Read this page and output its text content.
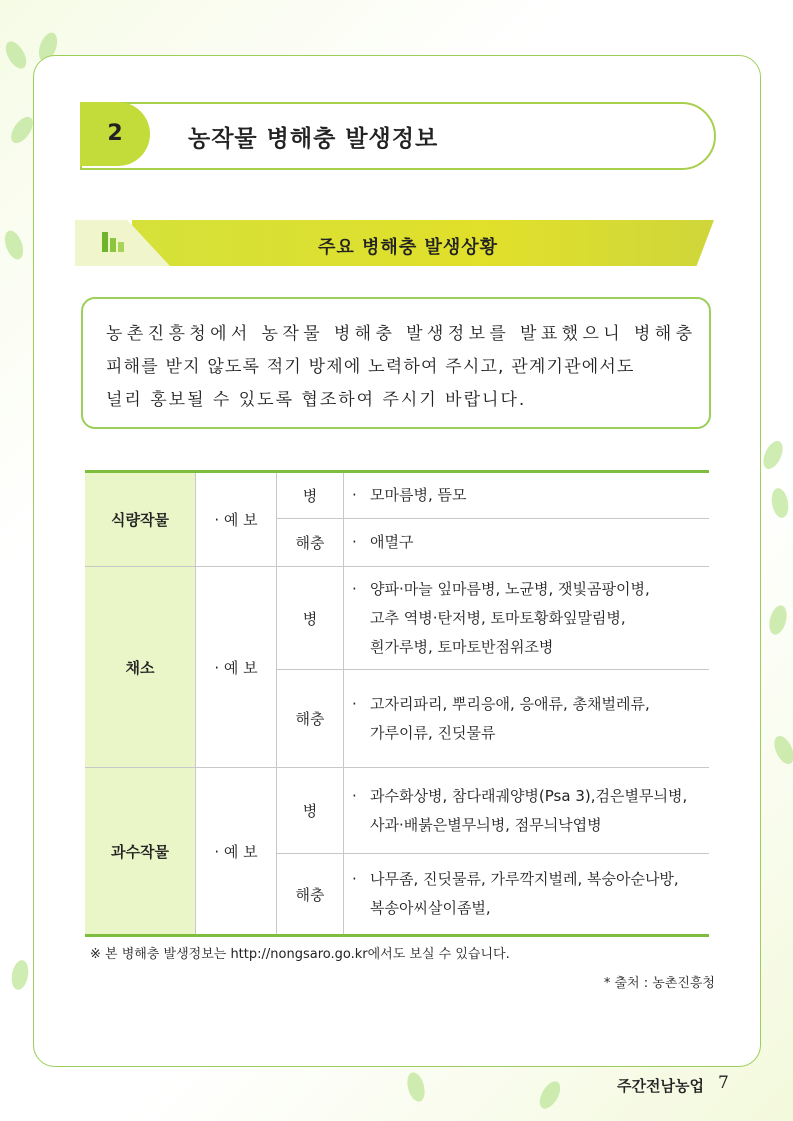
2	농작물 병해충 발생정보
주요 병해충 발생상황
농촌진흥청에서 농작물 병해충 발생정보를 발표했으니 병해충
피해를 받지 않도록 적기 방제에 노력하여 주시고, 관계기관에서도
널리 홍보될 수 있도록 협조하여 주시기 바랍니다.
식량작물	· 예 보	병	· 모마름병, 뜸모

		해충	· 애멸구

채소	· 예 보	병	· 양파·마늘 잎마름병, 노균병, 잿빛곰팡이병,
고추 역병·탄저병, 토마토황화잎말림병,
흰가루병, 토마토반점위조병

		해충	· 고자리파리, 뿌리응애, 응애류, 총채벌레류,
가루이류, 진딧물류

과수작물	· 예 보	병	· 과수화상병, 참다래궤양병(Psa 3),검은별무늬병,
사과·배붉은별무늬병, 점무늬낙엽병

		해충	· 나무좀, 진딧물류, 가루깍지벌레, 복숭아순나방,
복송아씨살이좀벌,
※ 본 병해충 발생정보는 http://nongsaro.go.kr에서도 보실 수 있습니다.
* 출처 : 농촌진흥청
주간전남농업 7
